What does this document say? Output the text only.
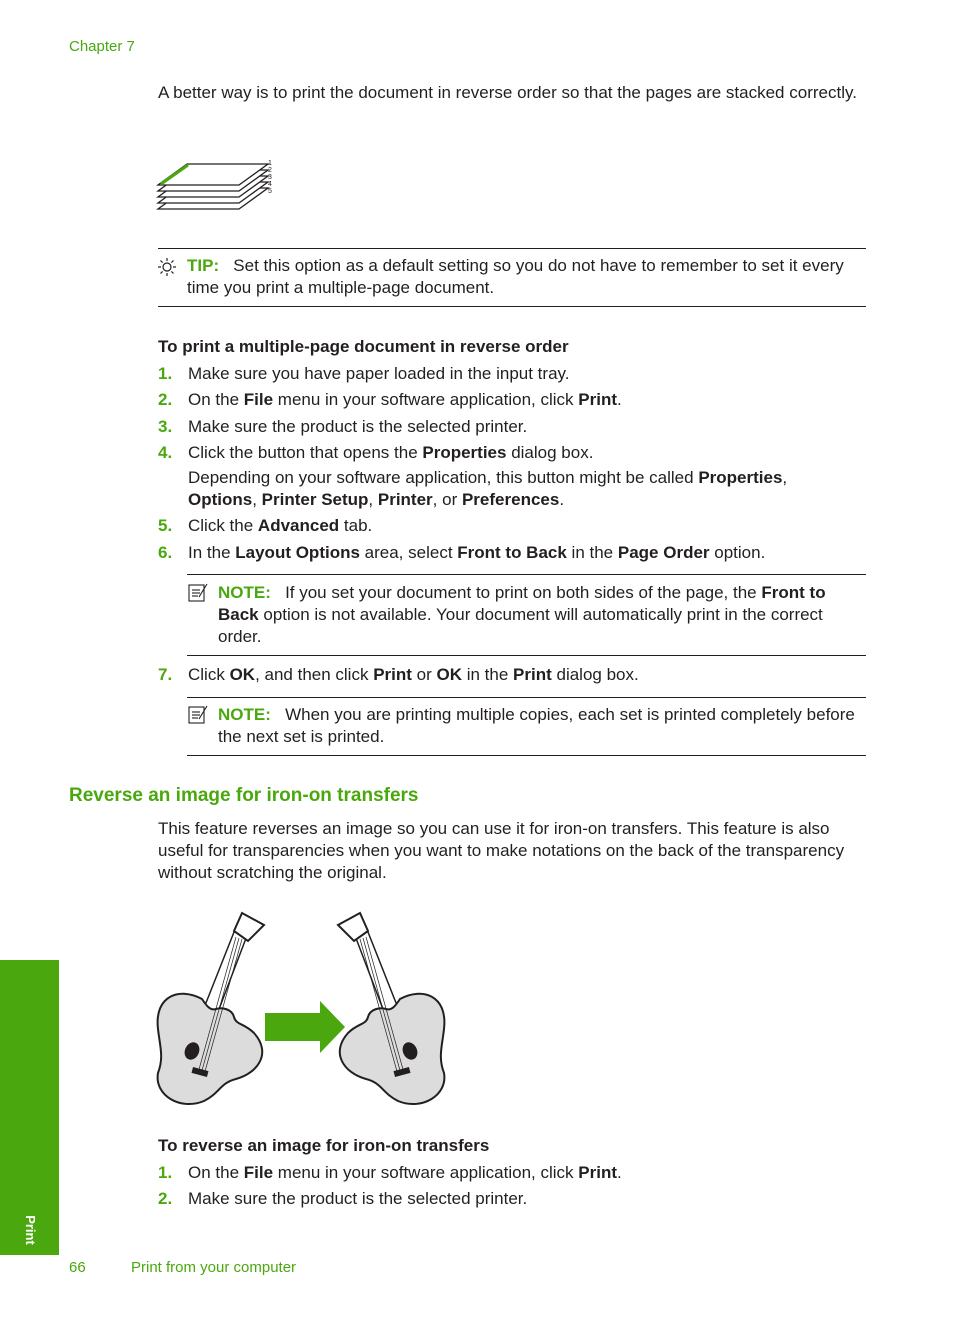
Chapter 7
A better way is to print the document in reverse order so that the pages are stacked correctly.
1
2
3
4
5
TIP: Set this option as a default setting so you do not have to remember to set it every time you print a multiple-page document.
To print a multiple-page document in reverse order
1. Make sure you have paper loaded in the input tray.
2. On the File menu in your software application, click Print.
3. Make sure the product is the selected printer.
4. Click the button that opens the Properties dialog box.
Depending on your software application, this button might be called Properties,
Options, Printer Setup, Printer, or Preferences.
5. Click the Advanced tab.
6. In the Layout Options area, select Front to Back in the Page Order option.
NOTE: If you set your document to print on both sides of the page, the Front to Back option is not available. Your document will automatically print in the correct order.
7. Click OK, and then click Print or OK in the Print dialog box.
NOTE: When you are printing multiple copies, each set is printed completely before the next set is printed.
Reverse an image for iron-on transfers
This feature reverses an image so you can use it for iron-on transfers. This feature is also useful for transparencies when you want to make notations on the back of the transparency without scratching the original.
To reverse an image for iron-on transfers
1. On the File menu in your software application, click Print.
2. Make sure the product is the selected printer.
Print
66	Print from your computer
